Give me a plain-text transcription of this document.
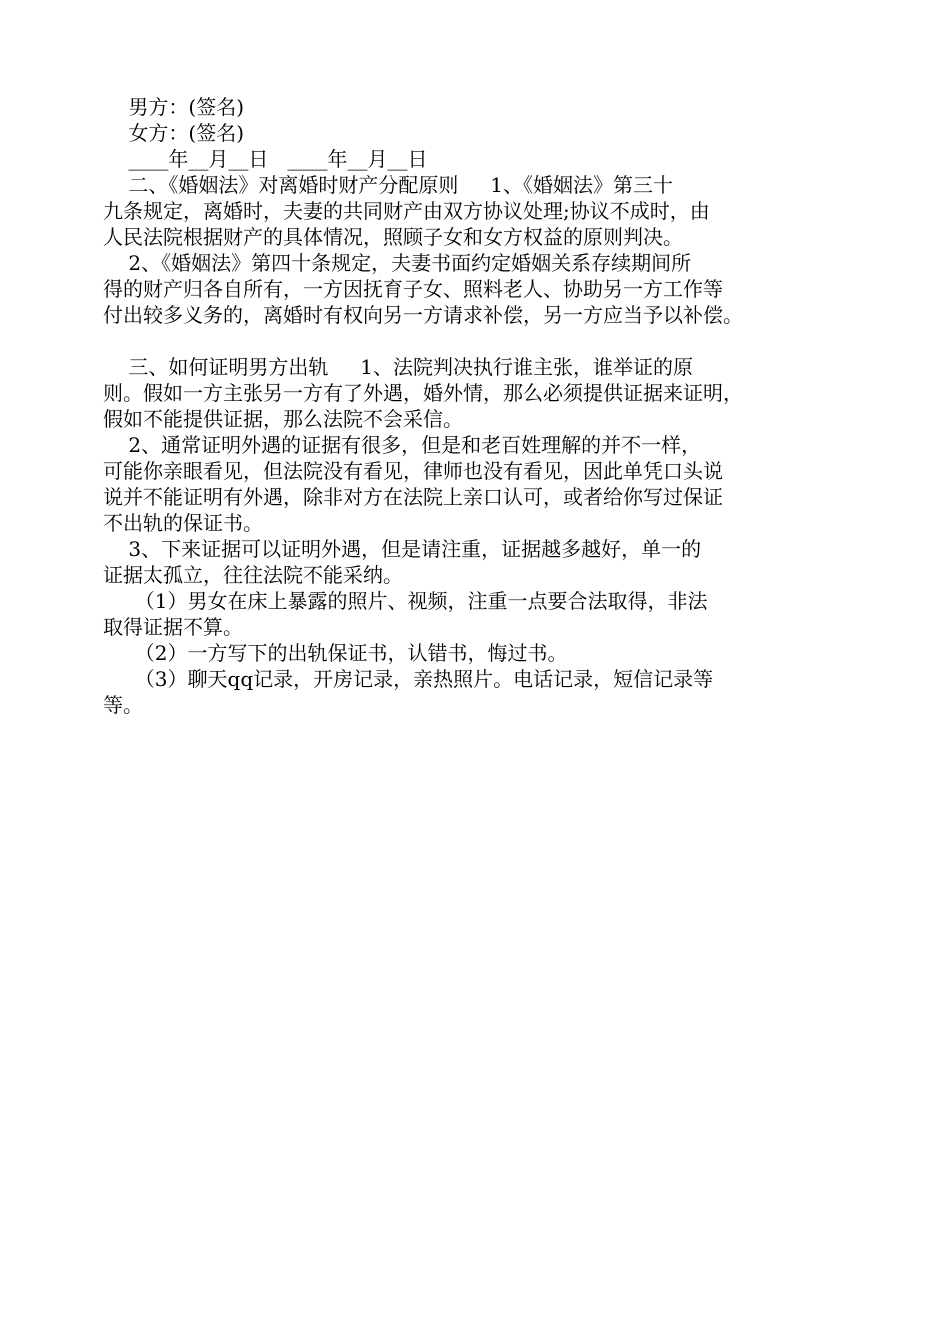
男方：(签名)
女方：(签名)
____年__月__日   ____年__月__日
二、《婚姻法》对离婚时财产分配原则     1、《婚姻法》第三十
九条规定，离婚时，夫妻的共同财产由双方协议处理;协议不成时，由
人民法院根据财产的具体情况，照顾子女和女方权益的原则判决。
2、《婚姻法》第四十条规定，夫妻书面约定婚姻关系存续期间所
得的财产归各自所有，一方因抚育子女、照料老人、协助另一方工作等
付出较多义务的，离婚时有权向另一方请求补偿，另一方应当予以补偿。
三、如何证明男方出轨     1、法院判决执行谁主张，谁举证的原
则。假如一方主张另一方有了外遇，婚外情，那么必须提供证据来证明，
假如不能提供证据，那么法院不会采信。
2、通常证明外遇的证据有很多，但是和老百姓理解的并不一样，
可能你亲眼看见，但法院没有看见，律师也没有看见，因此单凭口头说
说并不能证明有外遇，除非对方在法院上亲口认可，或者给你写过保证
不出轨的保证书。
3、下来证据可以证明外遇，但是请注重，证据越多越好，单一的
证据太孤立，往往法院不能采纳。
（1）男女在床上暴露的照片、视频，注重一点要合法取得，非法
取得证据不算。
（2）一方写下的出轨保证书，认错书，悔过书。
（3）聊天qq记录，开房记录，亲热照片。电话记录，短信记录等
等。
